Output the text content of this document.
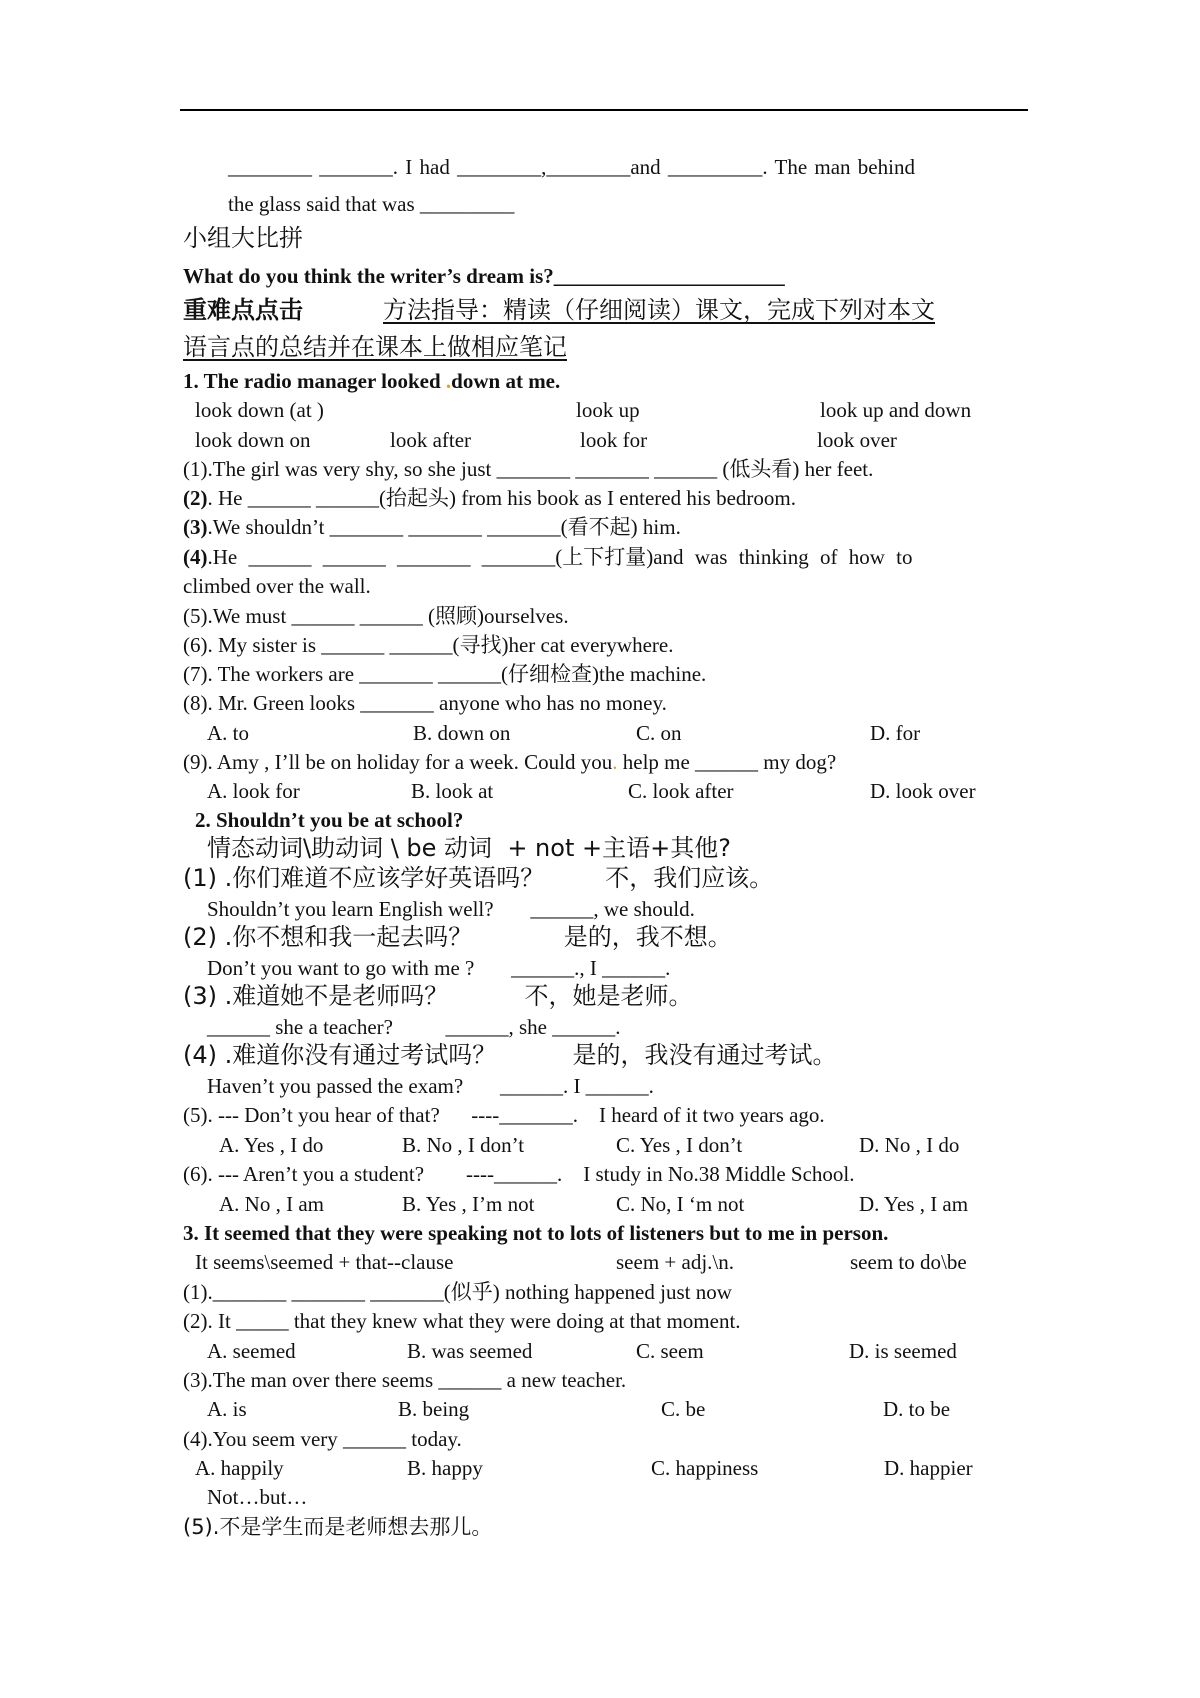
________ _______. I had ________,________and _________. The man behind
the glass said that was _________
小组大比拼
What do you think the writer’s dream is?______________________
重难点点击	方法指导：精读（仔细阅读）课文，完成下列对本文
语言点的总结并在课本上做相应笔记
1. The radio manager looked .down at me.
look down (at )	look up	look up and down
look down on	look after	look for	look over
(1).The girl was very shy, so she just _______ _______ ______ (低头看) her feet.
(2). He ______ ______(抬起头) from his book as I entered his bedroom.
(3).We shouldn’t _______ _______ _______(看不起) him.
(4).He ______ ______ _______ _______(上下打量)and was thinking of how to
climbed over the wall.
(5).We must ______ ______ (照顾)ourselves.
(6). My sister is ______ ______(寻找)her cat everywhere.
(7). The workers are _______ ______(仔细检查)the machine.
(8). Mr. Green looks _______ anyone who has no money.
A. to	B. down on	C. on	D. for
(9). Amy , I’ll be on holiday for a week. Could you. help me ______ my dog?
A. look for	B. look at	C. look after	D. look over
2. Shouldn’t you be at school?
情态动词\助动词 \ be 动词  + not +主语+其他?
(1) .你们难道不应该学好英语吗？        不，我们应该。
Shouldn’t you learn English well?       ______, we should.
(2) .你不想和我一起去吗？            是的，我不想。
Don’t you want to go with me ?       ______., I ______.
(3) .难道她不是老师吗？          不，她是老师。
______ she a teacher?          ______, she ______.
(4) .难道你没有通过考试吗？          是的，我没有通过考试。
Haven’t you passed the exam?       ______. I ______.
(5). --- Don’t you hear of that?      ----_______.    I heard of it two years ago.
A. Yes , I do	B. No , I don’t	C. Yes , I don’t	D. No , I do
(6). --- Aren’t you a student?        ----______.    I study in No.38 Middle School.
A. No , I am	B. Yes , I’m not	C. No, I ‘m not	D. Yes , I am
3. It seemed that they were speaking not to lots of listeners but to me in person.
It seems\seemed + that--clause	seem + adj.\n.	seem to do\be
(1)._______ _______ _______(似乎) nothing happened just now
(2). It _____ that they knew what they were doing at that moment.
A. seemed	B. was seemed	C. seem	D. is seemed
(3).The man over there seems ______ a new teacher.
A. is	B. being	C. be	D. to be
(4).You seem very ______ today.
A. happily	B. happy	C. happiness	D. happier
Not…but…
(5).不是学生而是老师想去那儿。
